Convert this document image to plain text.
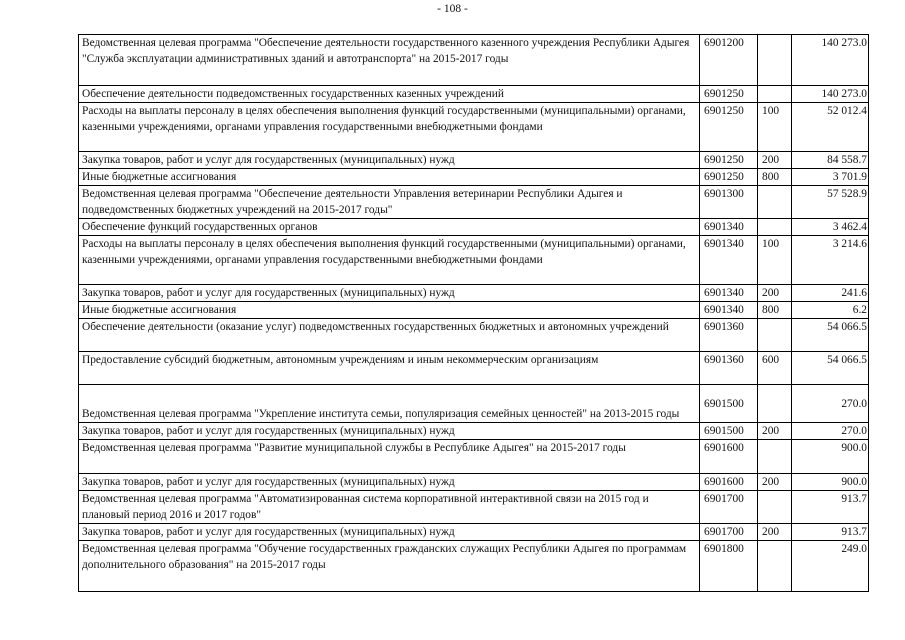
- 108 -
Ведомственная целевая программа "Обеспечение деятельности государственного казенного учреждения Республики Адыгея "Служба эксплуатации административных зданий и автотранспорта" на 2015-2017 годы	6901200		140 273.0
Обеспечение деятельности подведомственных государственных казенных учреждений	6901250		140 273.0
Расходы на выплаты персоналу в целях обеспечения выполнения функций государственными (муниципальными) органами, казенными учреждениями, органами управления государственными внебюджетными фондами	6901250	100	52 012.4
Закупка товаров, работ и услуг для государственных (муниципальных) нужд	6901250	200	84 558.7
Иные бюджетные ассигнования	6901250	800	3 701.9
Ведомственная целевая программа "Обеспечение деятельности Управления ветеринарии Республики Адыгея и подведомственных бюджетных учреждений на 2015-2017 годы"	6901300		57 528.9
Обеспечение функций государственных органов	6901340		3 462.4
Расходы на выплаты персоналу в целях обеспечения выполнения функций государственными (муниципальными) органами, казенными учреждениями, органами управления государственными внебюджетными фондами	6901340	100	3 214.6
Закупка товаров, работ и услуг для государственных (муниципальных) нужд	6901340	200	241.6
Иные бюджетные ассигнования	6901340	800	6.2
Обеспечение деятельности (оказание услуг) подведомственных государственных бюджетных и автономных учреждений	6901360		54 066.5
Предоставление субсидий бюджетным, автономным учреждениям и иным некоммерческим организациям	6901360	600	54 066.5
Ведомственная целевая программа "Укрепление института семьи, популяризация семейных ценностей" на 2013-2015 годы	6901500		270.0
Закупка товаров, работ и услуг для государственных (муниципальных) нужд	6901500	200	270.0
Ведомственная целевая программа "Развитие муниципальной службы в Республике Адыгея" на 2015-2017 годы	6901600		900.0
Закупка товаров, работ и услуг для государственных (муниципальных) нужд	6901600	200	900.0
Ведомственная целевая программа "Автоматизированная система корпоративной интерактивной связи на 2015 год и плановый период 2016 и 2017 годов"	6901700		913.7
Закупка товаров, работ и услуг для государственных (муниципальных) нужд	6901700	200	913.7
Ведомственная целевая программа "Обучение государственных гражданских служащих Республики Адыгея по программам дополнительного образования" на 2015-2017 годы	6901800		249.0
